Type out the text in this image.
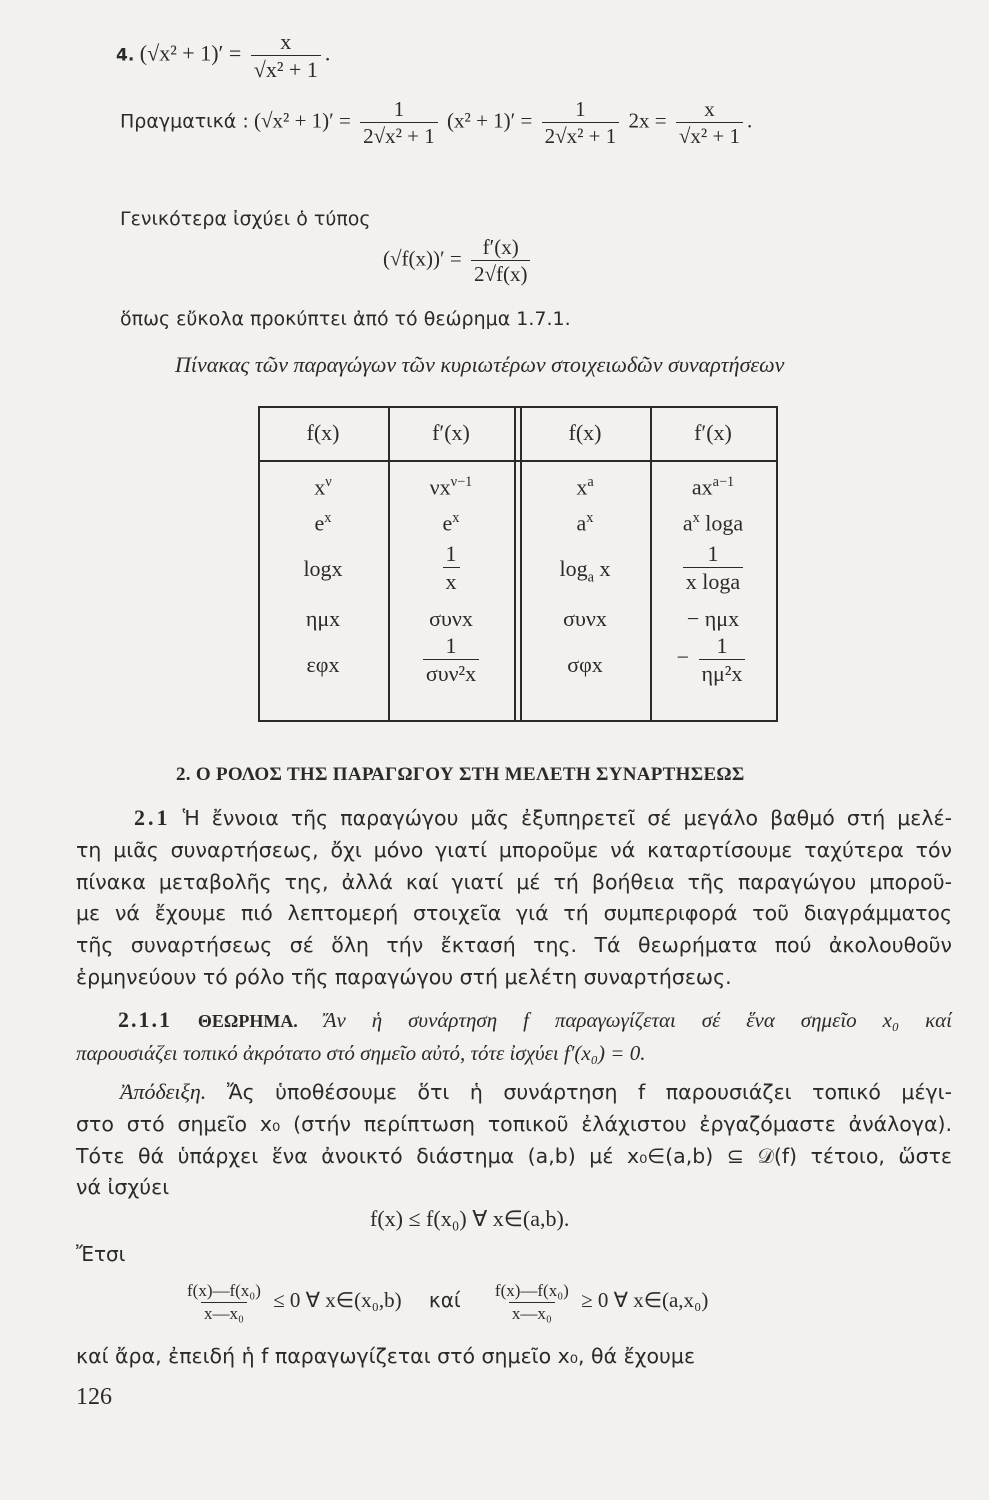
4. $(√x^2 + 1)' = \frac{x}{\text{√x² + 1}}$ .
Πραγματικά : $(√x^2 + 1)' = \frac{1}{\text{2√x² + 1}} (x^2 + 1)' = \frac{1}{\text{2√x² + 1}} 2x = \frac{x}{\text{√x² + 1}}$ .
Γενικότερα ἰσχύει ὁ τύπος
$(√f(x))' = \frac{f'(x)}{2√f(x)}$
ὅπως εὔκολα προκύπτει ἀπό τό θεώρημα 1.7.1.
Πίνακας τῶν παραγώγων τῶν κυριωτέρων στοιχειωδῶν συναρτήσεων
f(x)	f′(x)	f(x)	f′(x)
$x^\nu$	$\nu x^{\nu-1}$	$x^a$	$ax^{a-1}$
$e^x$	$e^x$	$a^x$	$a^x$ loga
logx	$\frac{1}{x}$	$\log_a x$	$\frac{1}{\text{x loga}}$
ημx	συνx	συνx	− ημx
εφx	$\frac{1}{\text{συν²x}}$	σφx	− $\frac{1}{\text{ημ²x}}$
2. Ο ΡΟΛΟΣ ΤΗΣ ΠΑΡΑΓΩΓΟΥ ΣΤΗ ΜΕΛΕΤΗ ΣΥΝΑΡΤΗΣΕΩΣ
2.1 Ἡ ἔννοια τῆς παραγώγου μᾶς ἐξυπηρετεῖ σέ μεγάλο βαθμό στή μελέ-
τη μιᾶς συναρτήσεως, ὄχι μόνο γιατί μποροῦμε νά καταρτίσουμε ταχύτερα τόν
πίνακα μεταβολῆς της, ἀλλά καί γιατί μέ τή βοήθεια τῆς παραγώγου μποροῦ-
με νά ἔχουμε πιό λεπτομερή στοιχεῖα γιά τή συμπεριφορά τοῦ διαγράμματος
τῆς συναρτήσεως σέ ὅλη τήν ἔκτασή της. Τά θεωρήματα πού ἀκολουθοῦν
ἑρμηνεύουν τό ρόλο τῆς παραγώγου στή μελέτη συναρτήσεως.
2.1.1 ΘΕΩΡΗΜΑ. Ἄν ἡ συνάρτηση f παραγωγίζεται σέ ἕνα σημεῖο x₀ καί
παρουσιάζει τοπικό ἀκρότατο στό σημεῖο αὐτό, τότε ἰσχύει f′(x₀) = 0.
Ἀπόδειξη. Ἄς ὑποθέσουμε ὅτι ἡ συνάρτηση f παρουσιάζει τοπικό μέγι-
στο στό σημεῖο x₀ (στήν περίπτωση τοπικοῦ ἐλάχιστου ἐργαζόμαστε ἀνάλογα).
Τότε θά ὑπάρχει ἕνα ἀνοικτό διάστημα (a,b) μέ x₀∈(a,b) ⊆ 𝒟(f) τέτοιο, ὥστε
νά ἰσχύει
f(x) ≤ f(x₀) ∀ x∈(a,b).
Ἔτσι
$\frac{\text{f(x)—f(x₀)}}{\text{x—x₀}} \le 0$ ∀ x∈(x₀,b) καί $\frac{\text{f(x)—f(x₀)}}{\text{x—x₀}} \ge 0$ ∀ x∈(a,x₀)
καί ἄρα, ἐπειδή ἡ f παραγωγίζεται στό σημεῖο x₀, θά ἔχουμε
126
